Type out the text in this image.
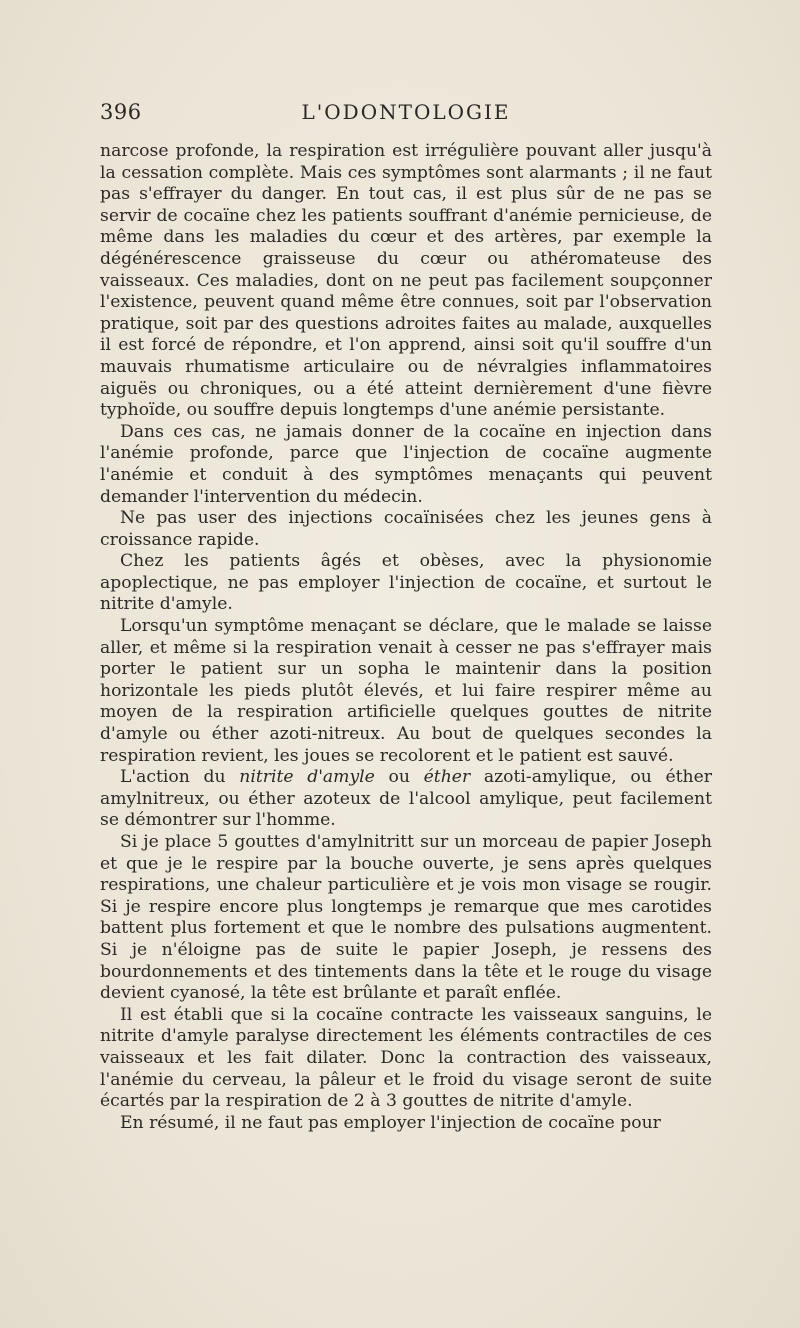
396	L'ODONTOLOGIE

narcose profonde, la respiration est irrégulière pouvant aller jusqu'à la cessation complète. Mais ces symptômes sont alarmants ; il ne faut pas s'effrayer du danger. En tout cas, il est plus sûr de ne pas se servir de cocaïne chez les patients souffrant d'anémie pernicieuse, de même dans les maladies du cœur et des artères, par exemple la dégénérescence graisseuse du cœur ou athéromateuse des vaisseaux. Ces maladies, dont on ne peut pas facilement soupçonner l'existence, peuvent quand même être connues, soit par l'observation pratique, soit par des questions adroites faites au malade, auxquelles il est forcé de répondre, et l'on apprend, ainsi soit qu'il souffre d'un mauvais rhumatisme articulaire ou de névralgies inflammatoires aiguës ou chroniques, ou a été atteint dernièrement d'une fièvre typhoïde, ou souffre depuis longtemps d'une anémie persistante.

Dans ces cas, ne jamais donner de la cocaïne en injection dans l'anémie profonde, parce que l'injection de cocaïne augmente l'anémie et conduit à des symptômes menaçants qui peuvent demander l'intervention du médecin.

Ne pas user des injections cocaïnisées chez les jeunes gens à croissance rapide.

Chez les patients âgés et obèses, avec la physionomie apoplectique, ne pas employer l'injection de cocaïne, et surtout le nitrite d'amyle.

Lorsqu'un symptôme menaçant se déclare, que le malade se laisse aller, et même si la respiration venait à cesser ne pas s'effrayer mais porter le patient sur un sopha le maintenir dans la position horizontale les pieds plutôt élevés, et lui faire respirer même au moyen de la respiration artificielle quelques gouttes de nitrite d'amyle ou éther azoti-nitreux. Au bout de quelques secondes la respiration revient, les joues se recolorent et le patient est sauvé.

L'action du nitrite d'amyle ou éther azoti-amylique, ou éther amylnitreux, ou éther azoteux de l'alcool amylique, peut facilement se démontrer sur l'homme.

Si je place 5 gouttes d'amylnitritt sur un morceau de papier Joseph et que je le respire par la bouche ouverte, je sens après quelques respirations, une chaleur particulière et je vois mon visage se rougir. Si je respire encore plus longtemps je remarque que mes carotides battent plus fortement et que le nombre des pulsations augmentent. Si je n'éloigne pas de suite le papier Joseph, je ressens des bourdonnements et des tintements dans la tête et le rouge du visage devient cyanosé, la tête est brûlante et paraît enflée.

Il est établi que si la cocaïne contracte les vaisseaux sanguins, le nitrite d'amyle paralyse directement les éléments contractiles de ces vaisseaux et les fait dilater. Donc la contraction des vaisseaux, l'anémie du cerveau, la pâleur et le froid du visage seront de suite écartés par la respiration de 2 à 3 gouttes de nitrite d'amyle.

En résumé, il ne faut pas employer l'injection de cocaïne pour
